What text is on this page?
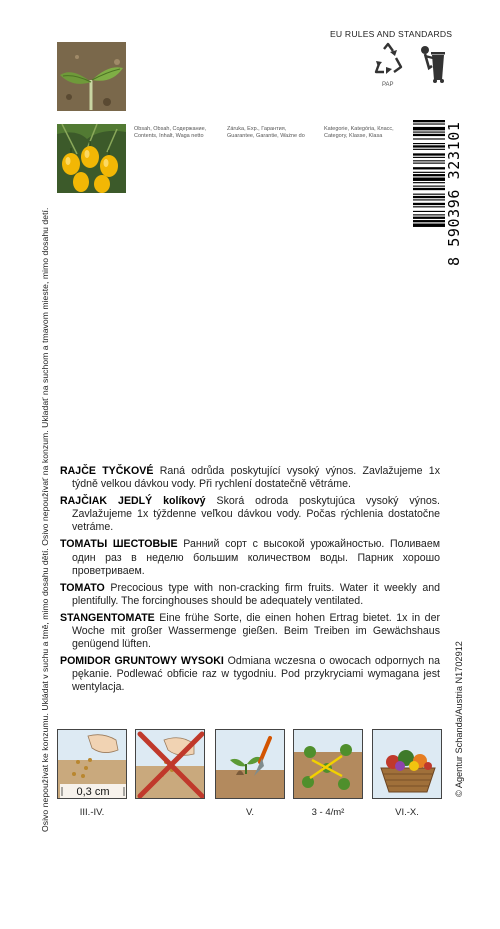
Osivo nepoužívat ke konzumu. Ukládat v suchu a tmě, mimo dosahu dětí. Osivo nepoužívať na konzum. Ukladať na suchom a tmavom mieste, mimo dosahu detí.	© Agentur Schanda/Austria N1702912
Obsah, Obsah, Содержание,
Contents, Inhalt, Waga netto
Záruka, Exp., Гарантия,
Guarantee, Garantie, Ważne do
Kategorie, Kategória, Класс,
Category, Klasse, Klasa
EU RULES AND STANDARDS
PAP
8 590396 323101
RAJČE TYČKOVÉ Raná odrůda poskytující vysoký výnos. Zavlažujeme 1x týdně velkou dávkou vody. Při rychlení dostatečně větráme.
RAJČIAK JEDLÝ kolíkový Skorá odroda poskytujúca vysoký výnos. Zavlažujeme 1x týždenne veľkou dávkou vody. Počas rýchlenia dostatočne vetráme.
ТОМАТЫ ШЕСТОВЫЕ Ранний сорт с высокой урожайностью. Поливаем один раз в неделю большим количеством воды. Парник хорошо проветриваем.
TOMATO Precocious type with non-cracking firm fruits. Water it weekly and plentifully. The forcinghouses should be adequately ventilated.
STANGENTOMATE Eine frühe Sorte, die einen hohen Ertrag bietet. 1x in der Woche mit großer Wassermenge gießen. Beim Treiben im Gewächshaus genügend lüften.
POMIDOR GRUNTOWY WYSOKI Odmiana wczesna o owocach odpornych na pękanie. Podlewać obficie raz w tygodniu. Pod przykryciami wymagana jest wentylacja.
0,3 cm
III.-IV.	V.	3 - 4/m²	VI.-X.
